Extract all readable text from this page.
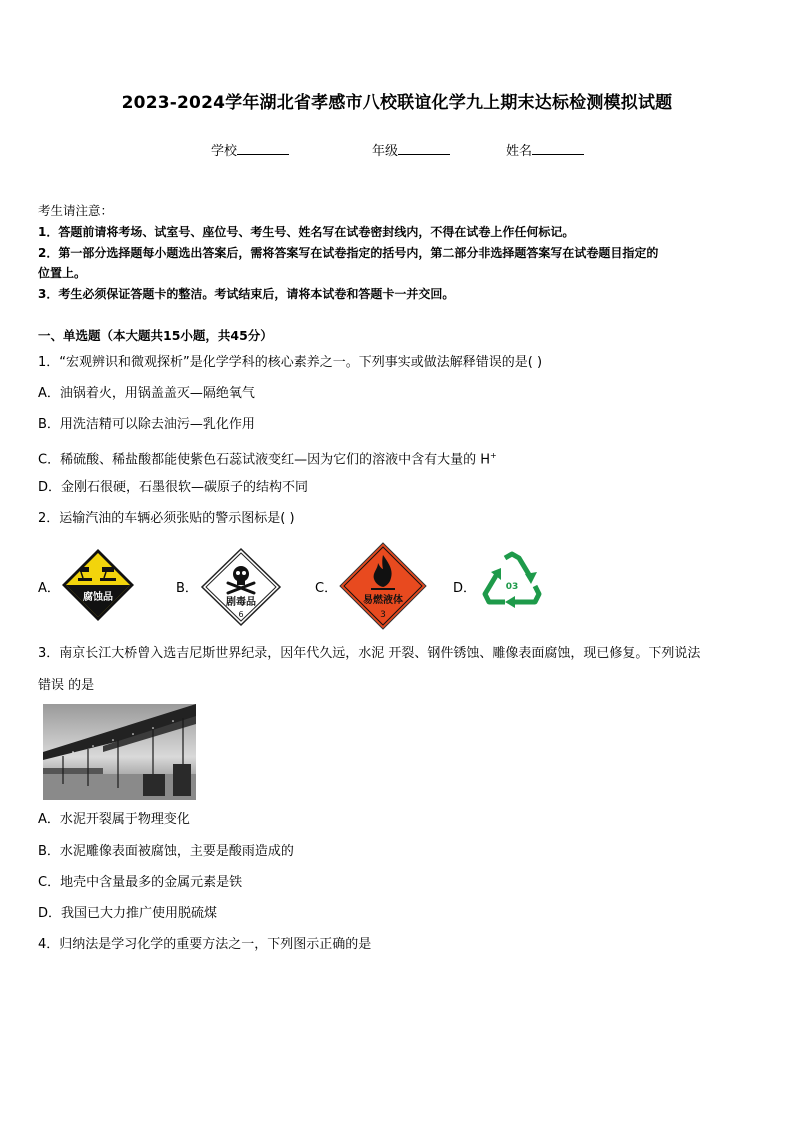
2023-2024学年湖北省孝感市八校联谊化学九上期末达标检测模拟试题
学校	年级	姓名
考生请注意：
1．答题前请将考场、试室号、座位号、考生号、姓名写在试卷密封线内，不得在试卷上作任何标记。
2．第一部分选择题每小题选出答案后，需将答案写在试卷指定的括号内，第二部分非选择题答案写在试卷题目指定的
位置上。
3．考生必须保证答题卡的整洁。考试结束后，请将本试卷和答题卡一并交回。
一、单选题（本大题共15小题，共45分）
1．“宏观辨识和微观探析”是化学学科的核心素养之一。下列事实或做法解释错误的是( )
A．油锅着火，用锅盖盖灭—隔绝氧气
B．用洗洁精可以除去油污—乳化作用
C．稀硫酸、稀盐酸都能使紫色石蕊试液变红—因为它们的溶液中含有大量的 H+
D．金刚石很硬，石墨很软—碳原子的结构不同
2．运输汽油的车辆必须张贴的警示图标是( )
A．	B．	C．	D．
腐蚀品	剧毒品
6
易燃液体
3
03
3．南京长江大桥曾入选吉尼斯世界纪录，因年代久远，水泥 开裂、钢件锈蚀、雕像表面腐蚀，现已修复。下列说法
错误 的是
A．水泥开裂属于物理变化
B．水泥雕像表面被腐蚀，主要是酸雨造成的
C．地壳中含量最多的金属元素是铁
D．我国已大力推广使用脱硫煤
4．归纳法是学习化学的重要方法之一，下列图示正确的是
